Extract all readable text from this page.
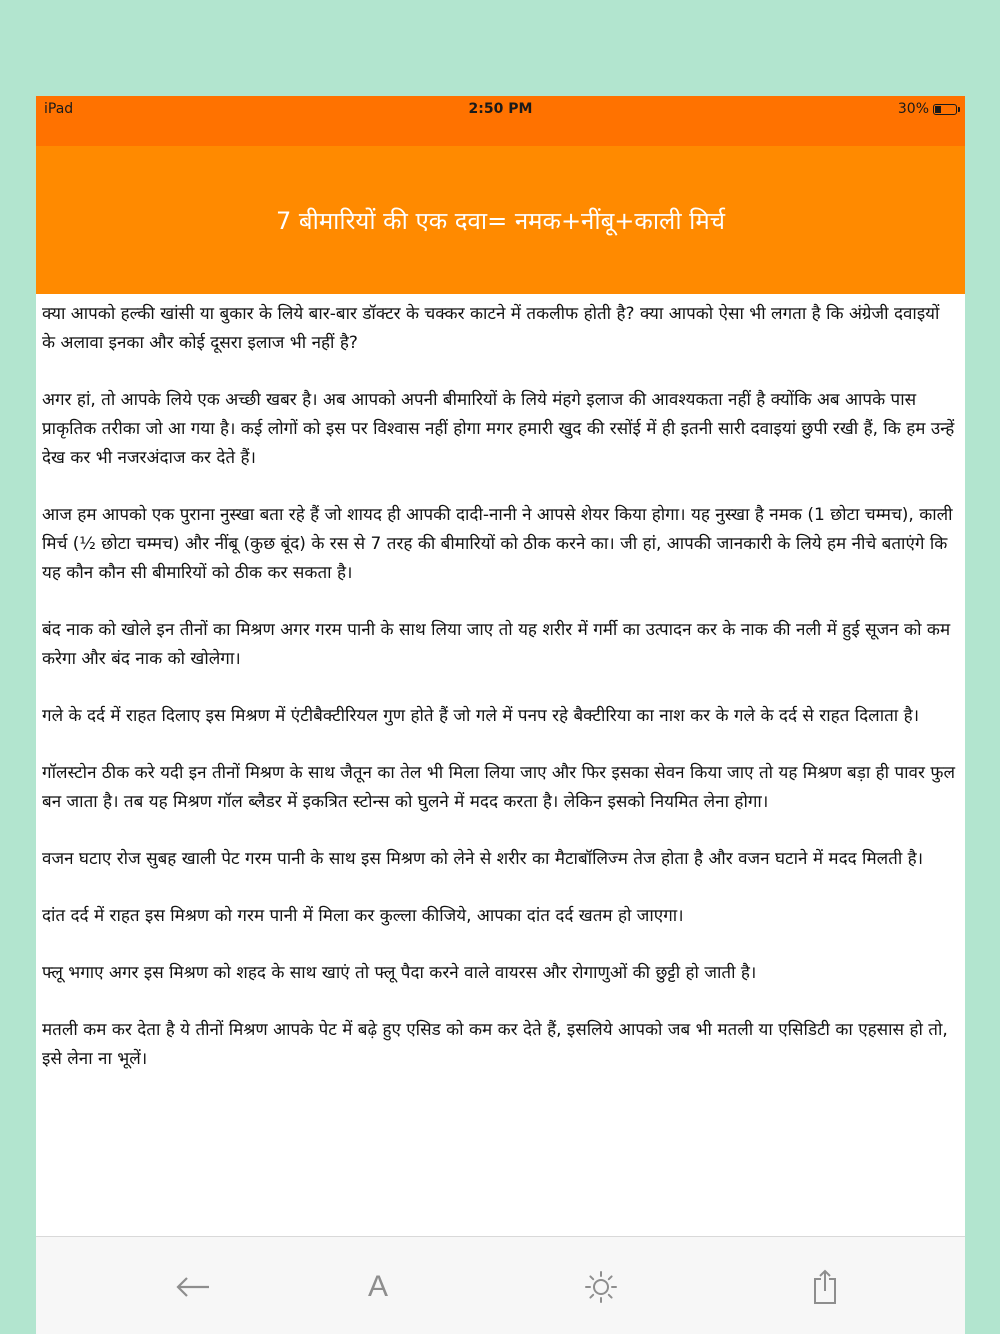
iPad	2:50 PM	30%
7 बीमारियों की एक दवा= नमक+नींबू+काली मिर्च

क्या आपको हल्की खांसी या बुकार के लिये बार-बार डॉक्टर के चक्कर काटने में तकलीफ होती है? क्या आपको ऐसा भी लगता है कि अंग्रेजी दवाइयों के अलावा इनका और कोई दूसरा इलाज भी नहीं है?

अगर हां, तो आपके लिये एक अच्छी खबर है। अब आपको अपनी बीमारियों के लिये मंहगे इलाज की आवश्यकता नहीं है क्योंकि अब आपके पास प्राकृतिक तरीका जो आ गया है। कई लोगों को इस पर विश्वास नहीं होगा मगर हमारी खुद की रसोंई में ही इतनी सारी दवाइयां छुपी रखी हैं, कि हम उन्हें देख कर भी नजरअंदाज कर देते हैं।

आज हम आपको एक पुराना नुस्खा बता रहे हैं जो शायद ही आपकी दादी-नानी ने आपसे शेयर किया होगा। यह नुस्खा है नमक (1 छोटा चम्मच), काली मिर्च (½ छोटा चम्मच) और नींबू (कुछ बूंद) के रस से 7 तरह की बीमारियों को ठीक करने का। जी हां, आपकी जानकारी के लिये हम नीचे बताएंगे कि यह कौन कौन सी बीमारियों को ठीक कर सकता है।

बंद नाक को खोले इन तीनों का मिश्रण अगर गरम पानी के साथ लिया जाए तो यह शरीर में गर्मी का उत्पादन कर के नाक की नली में हुई सूजन को कम करेगा और बंद नाक को खोलेगा।

गले के दर्द में राहत दिलाए इस मिश्रण में एंटीबैक्टीरियल गुण होते हैं जो गले में पनप रहे बैक्टीरिया का नाश कर के गले के दर्द से राहत दिलाता है।

गॉलस्टोन ठीक करे यदी इन तीनों मिश्रण के साथ जैतून का तेल भी मिला लिया जाए और फिर इसका सेवन किया जाए तो यह मिश्रण बड़ा ही पावर फुल बन जाता है। तब यह मिश्रण गॉल ब्लैडर में इकत्रित स्टोन्स को घुलने में मदद करता है। लेकिन इसको नियमित लेना होगा।

वजन घटाए रोज सुबह खाली पेट गरम पानी के साथ इस मिश्रण को लेने से शरीर का मैटाबॉलिज्म तेज होता है और वजन घटाने में मदद मिलती है।

दांत दर्द में राहत इस मिश्रण को गरम पानी में मिला कर कुल्ला कीजिये, आपका दांत दर्द खतम हो जाएगा।

फ्लू भगाए अगर इस मिश्रण को शहद के साथ खाएं तो फ्लू पैदा करने वाले वायरस और रोगाणुओं की छुट्टी हो जाती है।

मतली कम कर देता है ये तीनों मिश्रण आपके पेट में बढ़े हुए एसिड को कम कर देते हैं, इसलिये आपको जब भी मतली या एसिडिटी का एहसास हो तो, इसे लेना ना भूलें।

A
